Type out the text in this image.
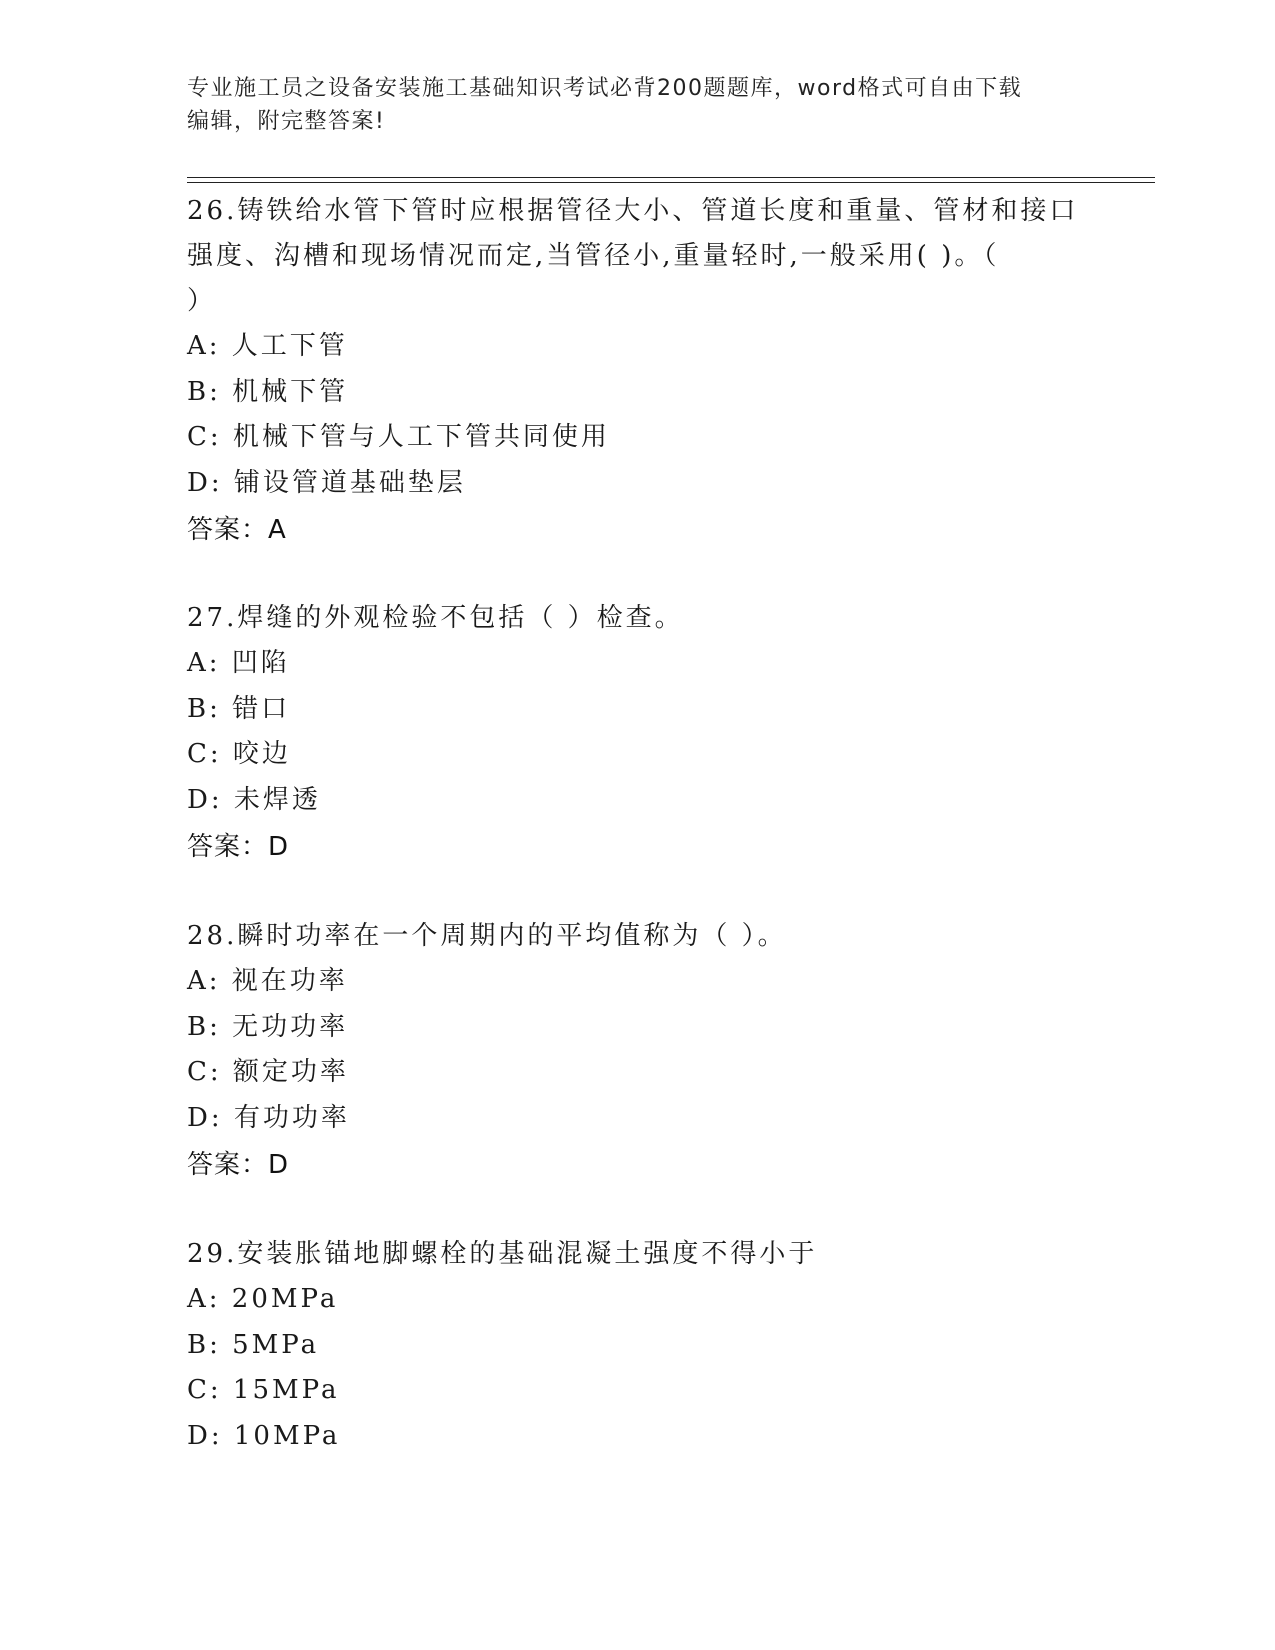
专业施工员之设备安装施工基础知识考试必背200题题库，word格式可自由下载
编辑，附完整答案!
26.铸铁给水管下管时应根据管径大小、管道长度和重量、管材和接口
强度、沟槽和现场情况而定,当管径小,重量轻时,一般采用( )。（
）
A: 人工下管
B: 机械下管
C: 机械下管与人工下管共同使用
D: 铺设管道基础垫层
答案：A
27.焊缝的外观检验不包括（ ）检查。
A: 凹陷
B: 错口
C: 咬边
D: 未焊透
答案：D
28.瞬时功率在一个周期内的平均值称为（ ）。
A: 视在功率
B: 无功功率
C: 额定功率
D: 有功功率
答案：D
29.安装胀锚地脚螺栓的基础混凝土强度不得小于
A: 20MPa
B: 5MPa
C: 15MPa
D: 10MPa
